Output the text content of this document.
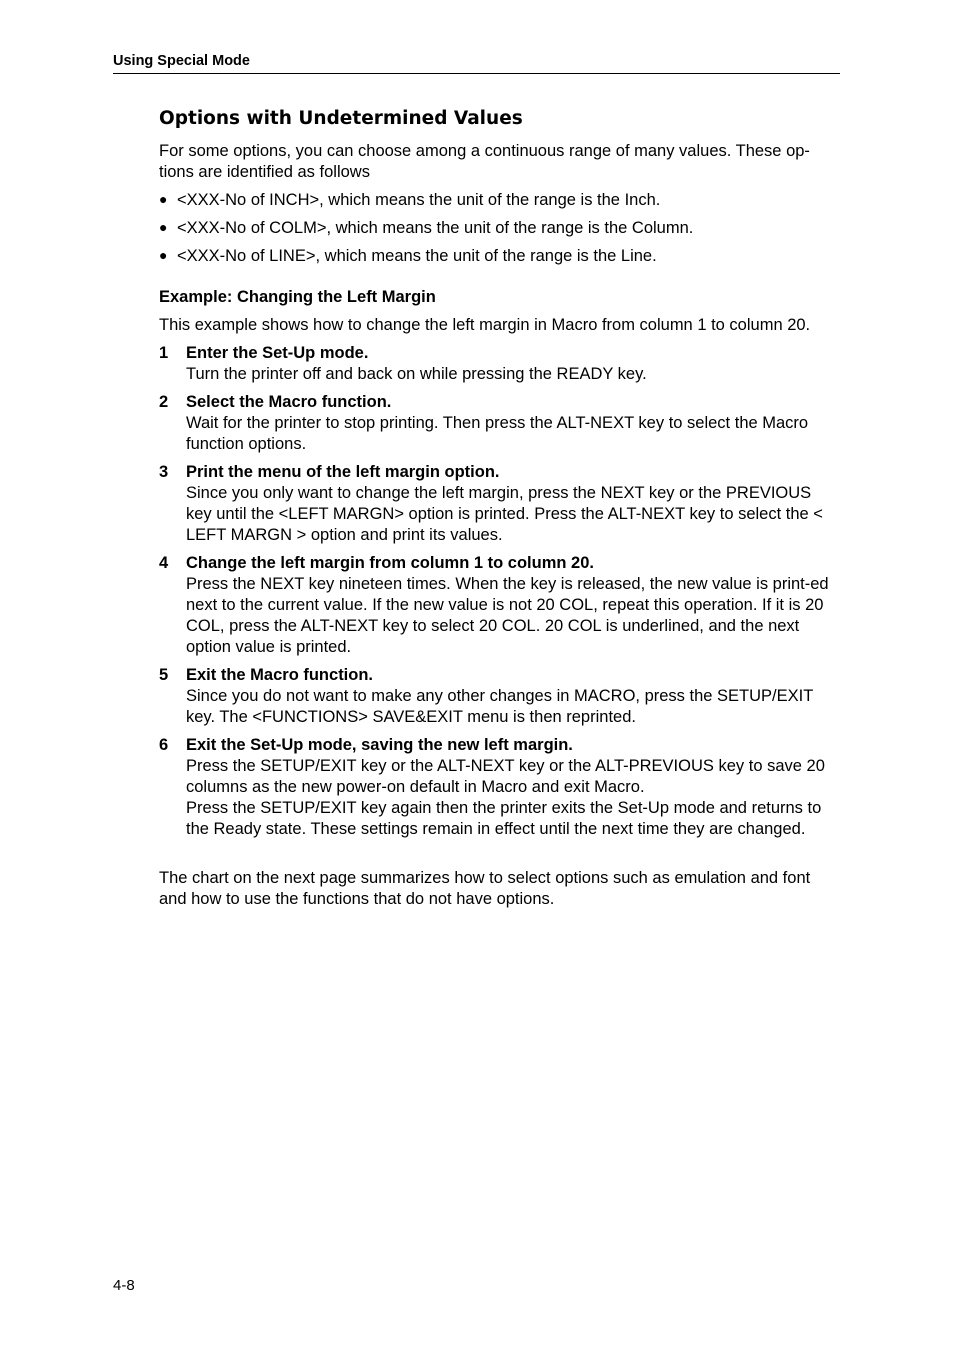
Using Special Mode
Options with Undetermined Values

For some options, you can choose among a continuous range of many values. These op-tions are identified as follows

● <XXX-No of INCH>, which means the unit of the range is the Inch.
● <XXX-No of COLM>, which means the unit of the range is the Column.
● <XXX-No of LINE>, which means the unit of the range is the Line.
Example: Changing the Left Margin

This example shows how to change the left margin in Macro from column 1 to column 20.

1 Enter the Set-Up mode.
Turn the printer off and back on while pressing the READY key.
2 Select the Macro function.
Wait for the printer to stop printing. Then press the ALT-NEXT key to select the Macro function options.
3 Print the menu of the left margin option.
Since you only want to change the left margin, press the NEXT key or the PREVIOUS key until the <LEFT MARGN> option is printed. Press the ALT-NEXT key to select the < LEFT MARGN > option and print its values.
4 Change the left margin from column 1 to column 20.
Press the NEXT key nineteen times. When the key is released, the new value is print-ed next to the current value. If the new value is not 20 COL, repeat this operation. If it is 20 COL, press the ALT-NEXT key to select 20 COL. 20 COL is underlined, and the next option value is printed.
5 Exit the Macro function.
Since you do not want to make any other changes in MACRO, press the SETUP/EXIT key. The <FUNCTIONS> SAVE&EXIT menu is then reprinted.
6 Exit the Set-Up mode, saving the new left margin.
Press the SETUP/EXIT key or the ALT-NEXT key or the ALT-PREVIOUS key to save 20 columns as the new power-on default in Macro and exit Macro.
Press the SETUP/EXIT key again then the printer exits the Set-Up mode and returns to the Ready state. These settings remain in effect until the next time they are changed.

The chart on the next page summarizes how to select options such as emulation and font and how to use the functions that do not have options.

4-8
